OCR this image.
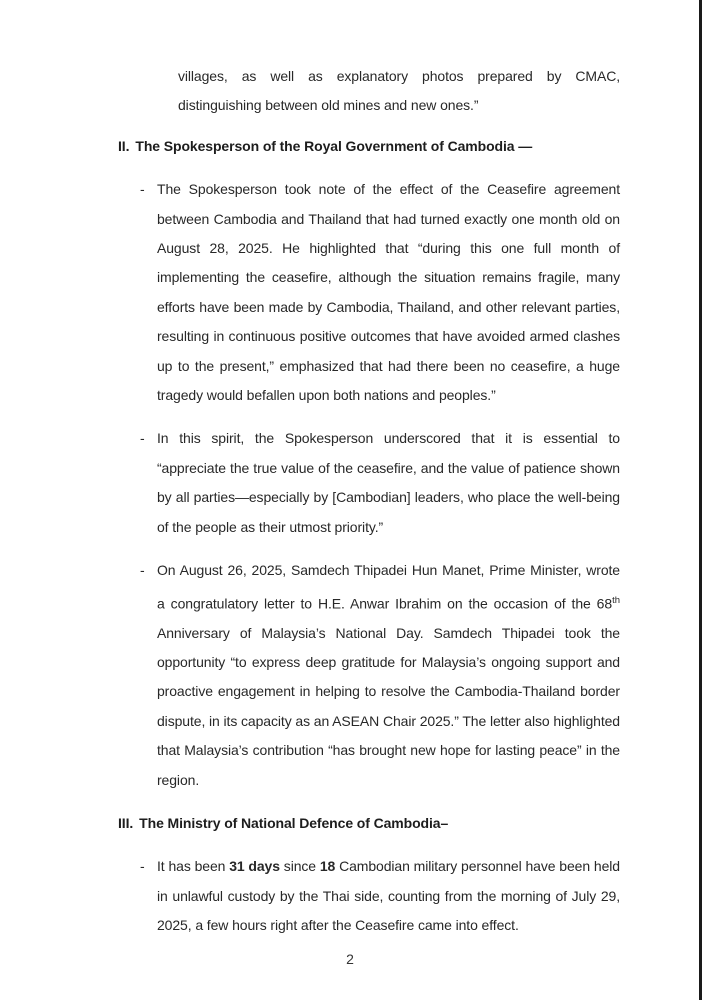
villages, as well as explanatory photos prepared by CMAC, distinguishing between old mines and new ones.”

II. The Spokesperson of the Royal Government of Cambodia —

- The Spokesperson took note of the effect of the Ceasefire agreement between Cambodia and Thailand that had turned exactly one month old on August 28, 2025. He highlighted that “during this one full month of implementing the ceasefire, although the situation remains fragile, many efforts have been made by Cambodia, Thailand, and other relevant parties, resulting in continuous positive outcomes that have avoided armed clashes up to the present,” emphasized that had there been no ceasefire, a huge tragedy would befallen upon both nations and peoples.”

- In this spirit, the Spokesperson underscored that it is essential to “appreciate the true value of the ceasefire, and the value of patience shown by all parties—especially by [Cambodian] leaders, who place the well-being of the people as their utmost priority.”

- On August 26, 2025, Samdech Thipadei Hun Manet, Prime Minister, wrote a congratulatory letter to H.E. Anwar Ibrahim on the occasion of the 68th Anniversary of Malaysia’s National Day. Samdech Thipadei took the opportunity “to express deep gratitude for Malaysia’s ongoing support and proactive engagement in helping to resolve the Cambodia-Thailand border dispute, in its capacity as an ASEAN Chair 2025.” The letter also highlighted that Malaysia’s contribution “has brought new hope for lasting peace” in the region.

III. The Ministry of National Defence of Cambodia–

- It has been 31 days since 18 Cambodian military personnel have been held in unlawful custody by the Thai side, counting from the morning of July 29, 2025, a few hours right after the Ceasefire came into effect.

2
